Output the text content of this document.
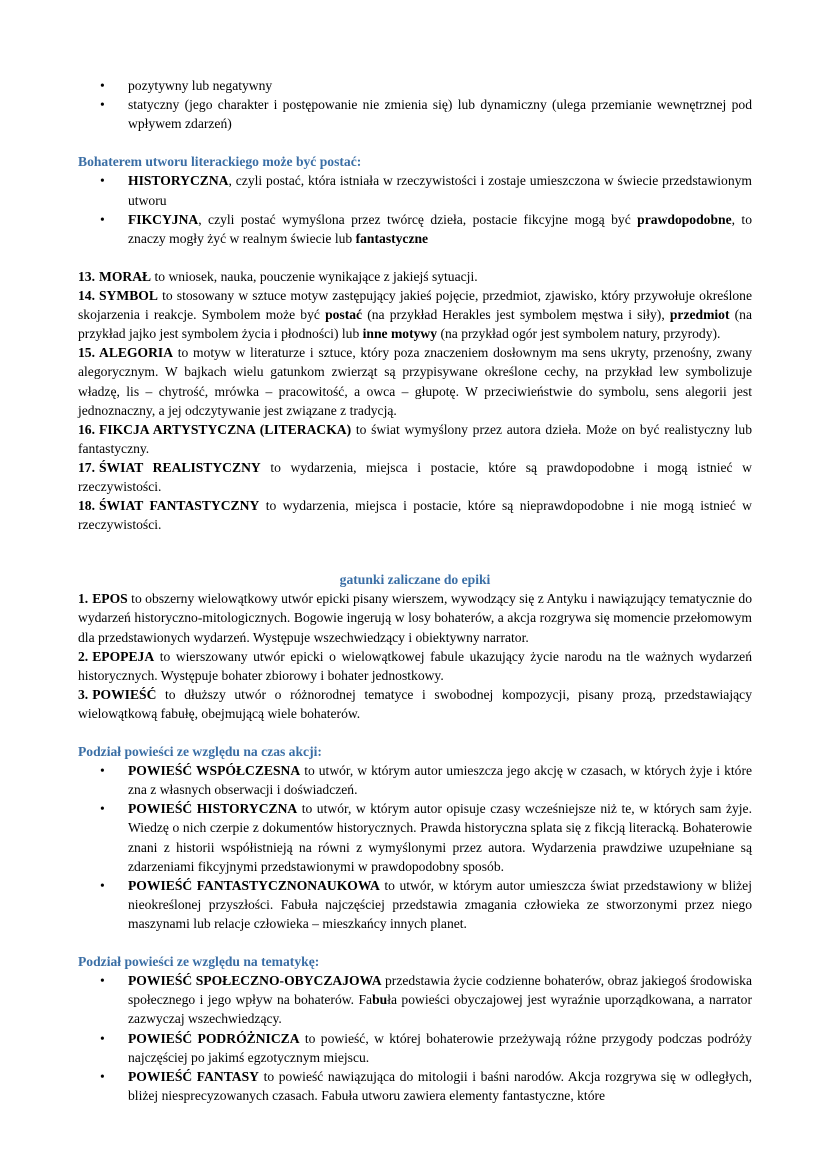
• pozytywny lub negatywny
• statyczny (jego charakter i postępowanie nie zmienia się) lub dynamiczny (ulega przemianie wewnętrznej pod wpływem zdarzeń)

Bohaterem utworu literackiego może być postać:

• HISTORYCZNA, czyli postać, która istniała w rzeczywistości i zostaje umieszczona w świecie przedstawionym utworu
• FIKCYJNA, czyli postać wymyślona przez twórcę dzieła, postacie fikcyjne mogą być prawdopodobne, to znaczy mogły żyć w realnym świecie lub fantastyczne

13. MORAŁ to wniosek, nauka, pouczenie wynikające z jakiejś sytuacji.

14. SYMBOL to stosowany w sztuce motyw zastępujący jakieś pojęcie, przedmiot, zjawisko, który przywołuje określone skojarzenia i reakcje. Symbolem może być postać (na przykład Herakles jest symbolem męstwa i siły), przedmiot (na przykład jajko jest symbolem życia i płodności) lub inne motywy (na przykład ogór jest symbolem natury, przyrody).

15. ALEGORIA to motyw w literaturze i sztuce, który poza znaczeniem dosłownym ma sens ukryty, przenośny, zwany alegorycznym. W bajkach wielu gatunkom zwierząt są przypisywane określone cechy, na przykład lew symbolizuje władzę, lis – chytrość, mrówka – pracowitość, a owca – głupotę. W przeciwieństwie do symbolu, sens alegorii jest jednoznaczny, a jej odczytywanie jest związane z tradycją.

16. FIKCJA ARTYSTYCZNA (LITERACKA) to świat wymyślony przez autora dzieła. Może on być realistyczny lub fantastyczny.

17. ŚWIAT REALISTYCZNY to wydarzenia, miejsca i postacie, które są prawdopodobne i mogą istnieć w rzeczywistości.

18. ŚWIAT FANTASTYCZNY to wydarzenia, miejsca i postacie, które są nieprawdopodobne i nie mogą istnieć w rzeczywistości.

gatunki zaliczane do epiki

1. EPOS to obszerny wielowątkowy utwór epicki pisany wierszem, wywodzący się z Antyku i nawiązujący tematycznie do wydarzeń historyczno-mitologicznych. Bogowie ingerują w losy bohaterów, a akcja rozgrywa się momencie przełomowym dla przedstawionych wydarzeń. Występuje wszechwiedzący i obiektywny narrator.

2. EPOPEJA to wierszowany utwór epicki o wielowątkowej fabule ukazujący życie narodu na tle ważnych wydarzeń historycznych. Występuje bohater zbiorowy i bohater jednostkowy.

3. POWIEŚĆ to dłuższy utwór o różnorodnej tematyce i swobodnej kompozycji, pisany prozą, przedstawiający wielowątkową fabułę, obejmującą wiele bohaterów.

Podział powieści ze względu na czas akcji:

• POWIEŚĆ WSPÓŁCZESNA to utwór, w którym autor umieszcza jego akcję w czasach, w których żyje i które zna z własnych obserwacji i doświadczeń.
• POWIEŚĆ HISTORYCZNA to utwór, w którym autor opisuje czasy wcześniejsze niż te, w których sam żyje. Wiedzę o nich czerpie z dokumentów historycznych. Prawda historyczna splata się z fikcją literacką. Bohaterowie znani z historii współistnieją na równi z wymyślonymi przez autora. Wydarzenia prawdziwe uzupełniane są zdarzeniami fikcyjnymi przedstawionymi w prawdopodobny sposób.
• POWIEŚĆ FANTASTYCZNONAUKOWA to utwór, w którym autor umieszcza świat przedstawiony w bliżej nieokreślonej przyszłości. Fabuła najczęściej przedstawia zmagania człowieka ze stworzonymi przez niego maszynami lub relacje człowieka – mieszkańcy innych planet.

Podział powieści ze względu na tematykę:

• POWIEŚĆ SPOŁECZNO-OBYCZAJOWA przedstawia życie codzienne bohaterów, obraz jakiegoś środowiska społecznego i jego wpływ na bohaterów. Fabuła powieści obyczajowej jest wyraźnie uporządkowana, a narrator zazwyczaj wszechwiedzący.
• POWIEŚĆ PODRÓŻNICZA to powieść, w której bohaterowie przeżywają różne przygody podczas podróży najczęściej po jakimś egzotycznym miejscu.
• POWIEŚĆ FANTASY to powieść nawiązująca do mitologii i baśni narodów. Akcja rozgrywa się w odległych, bliżej niesprecyzowanych czasach. Fabuła utworu zawiera elementy fantastyczne, które
